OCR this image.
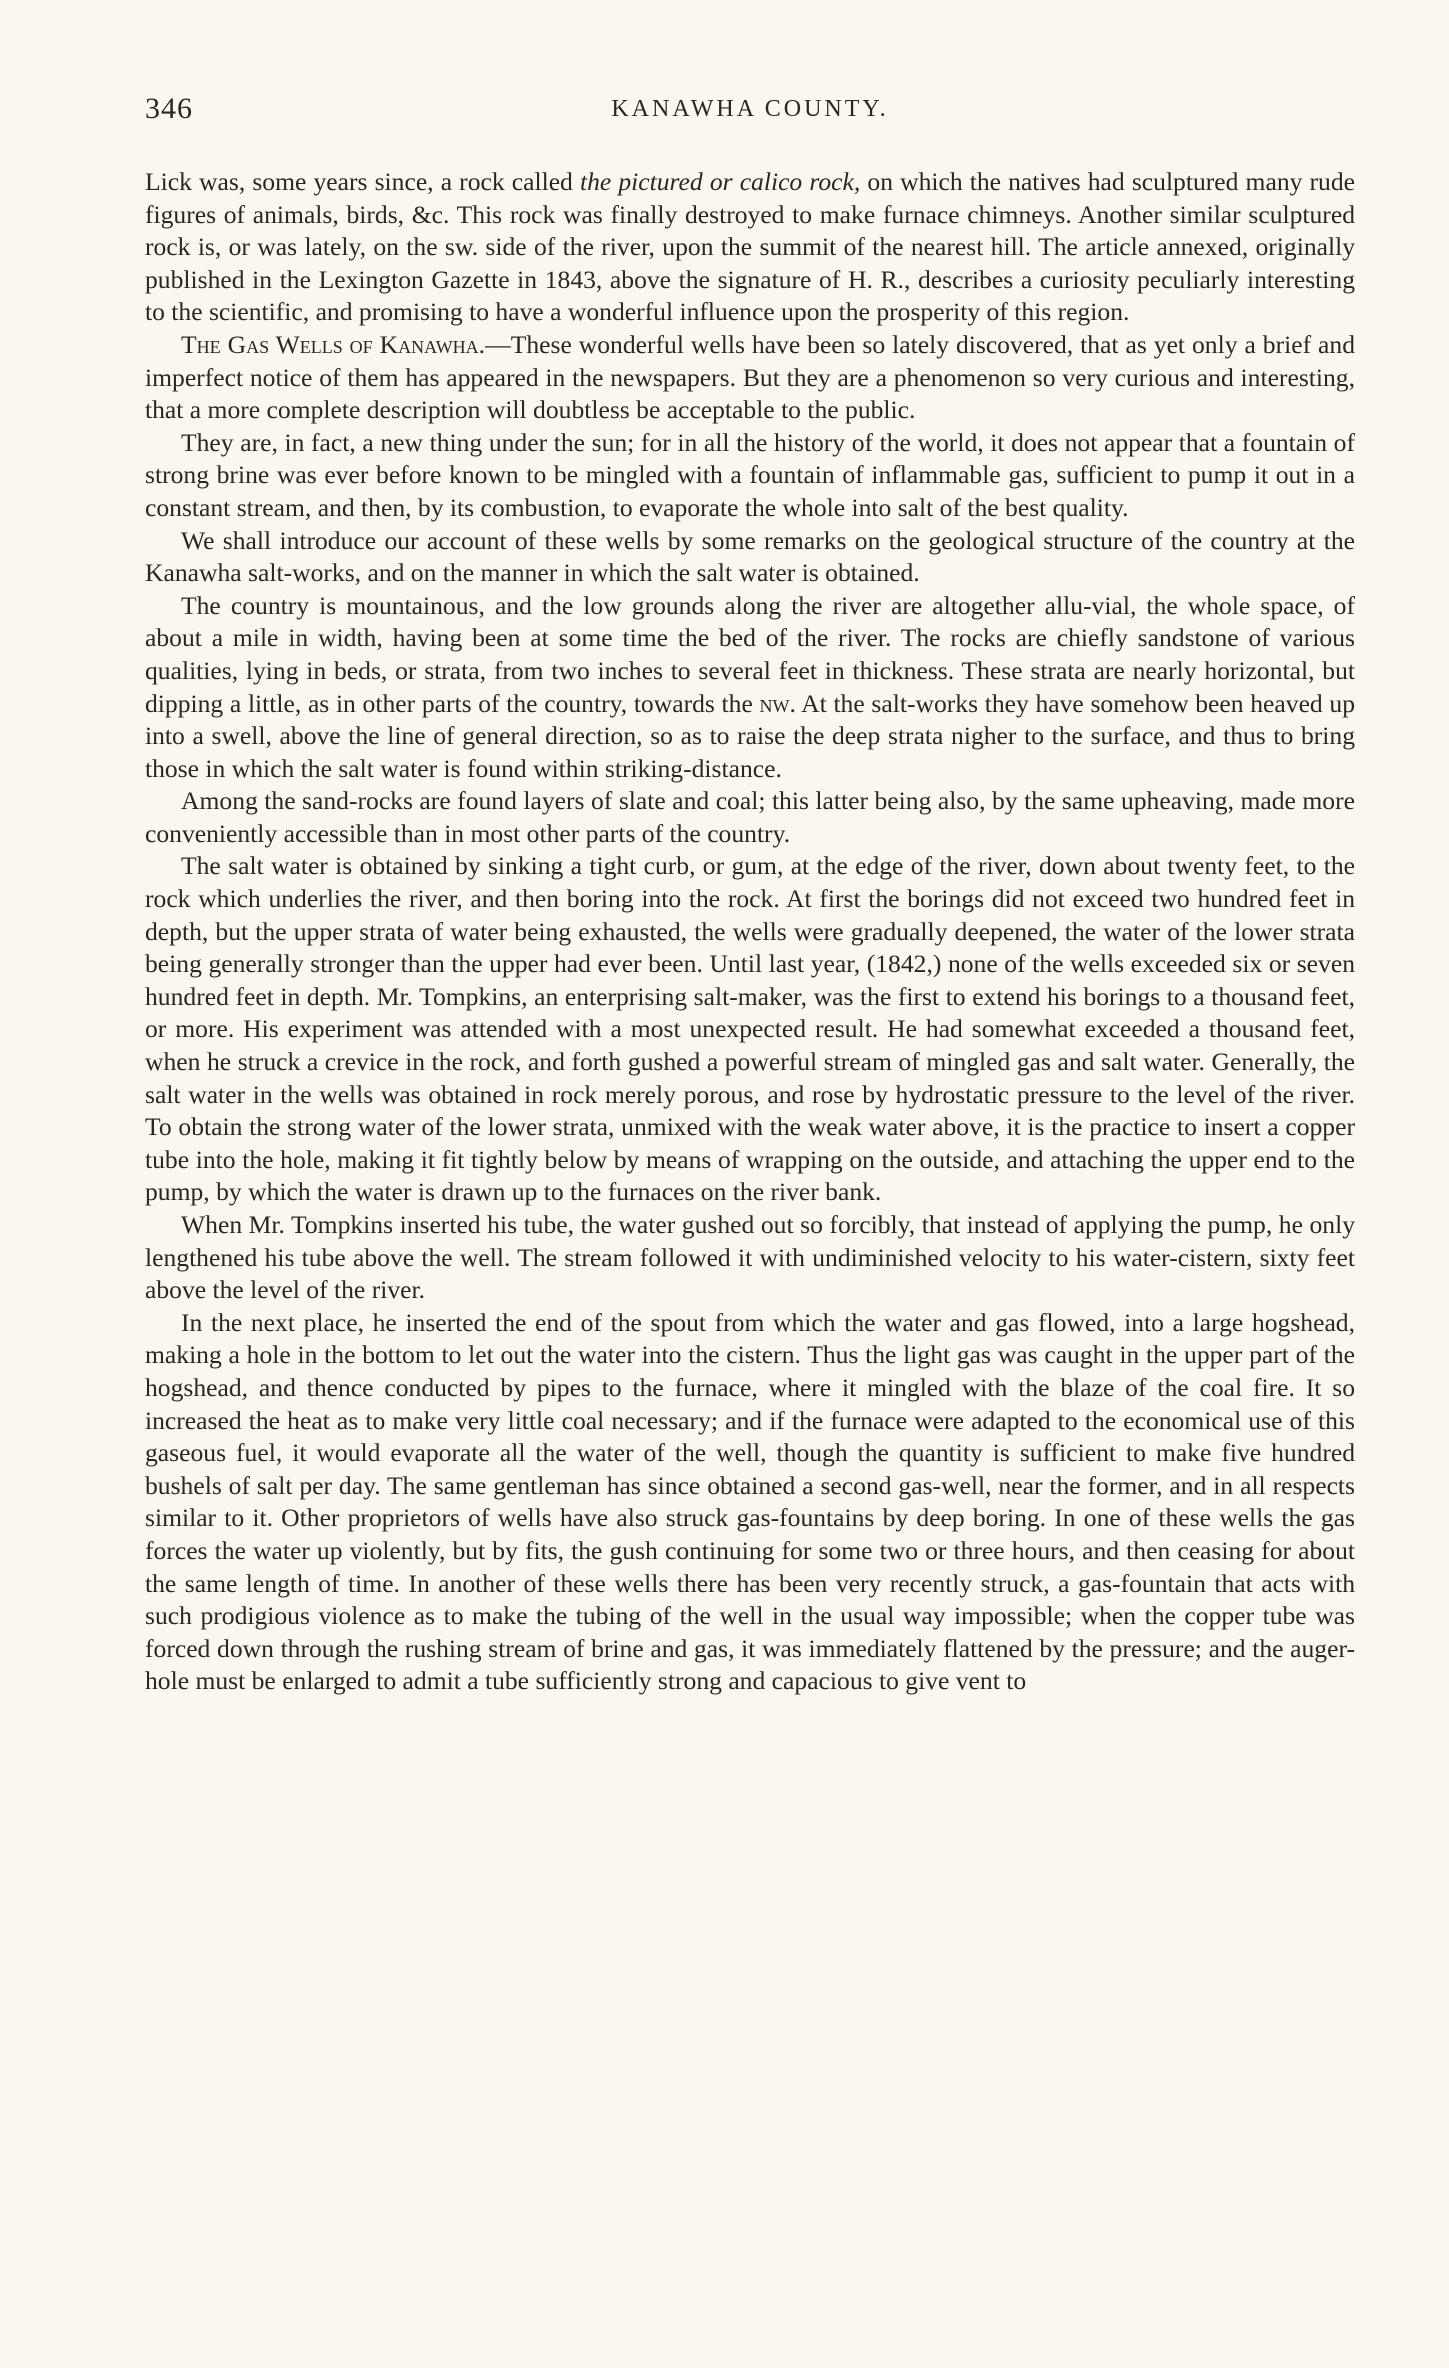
346	KANAWHA COUNTY.

Lick was, some years since, a rock called the pictured or calico rock, on which the natives had sculptured many rude figures of animals, birds, &c. This rock was finally destroyed to make furnace chimneys. Another similar sculptured rock is, or was lately, on the sw. side of the river, upon the summit of the nearest hill. The article annexed, originally published in the Lexington Gazette in 1843, above the signature of H. R., describes a curiosity peculiarly interesting to the scientific, and promising to have a wonderful influence upon the prosperity of this region.

The Gas Wells of Kanawha.—These wonderful wells have been so lately discovered, that as yet only a brief and imperfect notice of them has appeared in the newspapers. But they are a phenomenon so very curious and interesting, that a more complete description will doubtless be acceptable to the public.

They are, in fact, a new thing under the sun; for in all the history of the world, it does not appear that a fountain of strong brine was ever before known to be mingled with a fountain of inflammable gas, sufficient to pump it out in a constant stream, and then, by its combustion, to evaporate the whole into salt of the best quality.

We shall introduce our account of these wells by some remarks on the geological structure of the country at the Kanawha salt-works, and on the manner in which the salt water is obtained.

The country is mountainous, and the low grounds along the river are altogether allu-vial, the whole space, of about a mile in width, having been at some time the bed of the river. The rocks are chiefly sandstone of various qualities, lying in beds, or strata, from two inches to several feet in thickness. These strata are nearly horizontal, but dipping a little, as in other parts of the country, towards the nw. At the salt-works they have somehow been heaved up into a swell, above the line of general direction, so as to raise the deep strata nigher to the surface, and thus to bring those in which the salt water is found within striking-distance.

Among the sand-rocks are found layers of slate and coal; this latter being also, by the same upheaving, made more conveniently accessible than in most other parts of the country.

The salt water is obtained by sinking a tight curb, or gum, at the edge of the river, down about twenty feet, to the rock which underlies the river, and then boring into the rock. At first the borings did not exceed two hundred feet in depth, but the upper strata of water being exhausted, the wells were gradually deepened, the water of the lower strata being generally stronger than the upper had ever been. Until last year, (1842,) none of the wells exceeded six or seven hundred feet in depth. Mr. Tompkins, an enterprising salt-maker, was the first to extend his borings to a thousand feet, or more. His experiment was attended with a most unexpected result. He had somewhat exceeded a thousand feet, when he struck a crevice in the rock, and forth gushed a powerful stream of mingled gas and salt water. Generally, the salt water in the wells was obtained in rock merely porous, and rose by hydrostatic pressure to the level of the river. To obtain the strong water of the lower strata, unmixed with the weak water above, it is the practice to insert a copper tube into the hole, making it fit tightly below by means of wrapping on the outside, and attaching the upper end to the pump, by which the water is drawn up to the furnaces on the river bank.

When Mr. Tompkins inserted his tube, the water gushed out so forcibly, that instead of applying the pump, he only lengthened his tube above the well. The stream followed it with undiminished velocity to his water-cistern, sixty feet above the level of the river.

In the next place, he inserted the end of the spout from which the water and gas flowed, into a large hogshead, making a hole in the bottom to let out the water into the cistern. Thus the light gas was caught in the upper part of the hogshead, and thence conducted by pipes to the furnace, where it mingled with the blaze of the coal fire. It so increased the heat as to make very little coal necessary; and if the furnace were adapted to the economical use of this gaseous fuel, it would evaporate all the water of the well, though the quantity is sufficient to make five hundred bushels of salt per day. The same gentleman has since obtained a second gas-well, near the former, and in all respects similar to it. Other proprietors of wells have also struck gas-fountains by deep boring. In one of these wells the gas forces the water up violently, but by fits, the gush continuing for some two or three hours, and then ceasing for about the same length of time. In another of these wells there has been very recently struck, a gas-fountain that acts with such prodigious violence as to make the tubing of the well in the usual way impossible; when the copper tube was forced down through the rushing stream of brine and gas, it was immediately flattened by the pressure; and the auger-hole must be enlarged to admit a tube sufficiently strong and capacious to give vent to
